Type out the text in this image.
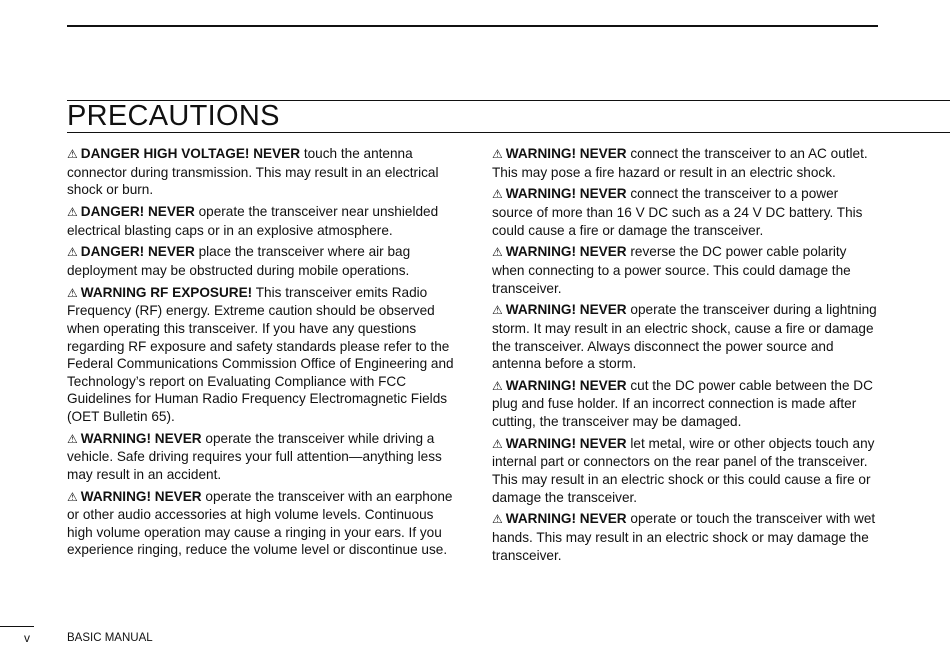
PRECAUTIONS

⚠ DANGER HIGH VOLTAGE! NEVER touch the antenna connector during transmission. This may result in an electrical shock or burn.

⚠ DANGER! NEVER operate the transceiver near unshielded electrical blasting caps or in an explosive atmosphere.

⚠ DANGER! NEVER place the transceiver where air bag deployment may be obstructed during mobile operations.

⚠ WARNING RF EXPOSURE! This transceiver emits Radio Frequency (RF) energy. Extreme caution should be observed when operating this transceiver. If you have any questions regarding RF exposure and safety standards please refer to the Federal Communications Commission Office of Engineering and Technology’s report on Evaluating Compliance with FCC Guidelines for Human Radio Frequency Electromagnetic Fields (OET Bulletin 65).

⚠ WARNING! NEVER operate the transceiver while driving a vehicle. Safe driving requires your full attention—anything less may result in an accident.

⚠ WARNING! NEVER operate the transceiver with an earphone or other audio accessories at high volume levels. Continuous high volume operation may cause a ringing in your ears. If you experience ringing, reduce the volume level or discontinue use.

⚠ WARNING! NEVER connect the transceiver to an AC outlet. This may pose a fire hazard or result in an electric shock.

⚠ WARNING! NEVER connect the transceiver to a power source of more than 16 V DC such as a 24 V DC battery. This could cause a fire or damage the transceiver.

⚠ WARNING! NEVER reverse the DC power cable polarity when connecting to a power source. This could damage the transceiver.

⚠ WARNING! NEVER operate the transceiver during a lightning storm. It may result in an electric shock, cause a fire or damage the transceiver. Always disconnect the power source and antenna before a storm.

⚠ WARNING! NEVER cut the DC power cable between the DC plug and fuse holder. If an incorrect connection is made after cutting, the transceiver may be damaged.

⚠ WARNING! NEVER let metal, wire or other objects touch any internal part or connectors on the rear panel of the transceiver. This may result in an electric shock or this could cause a fire or damage the transceiver.

⚠ WARNING! NEVER operate or touch the transceiver with wet hands. This may result in an electric shock or may damage the transceiver.

v	BASIC MANUAL
